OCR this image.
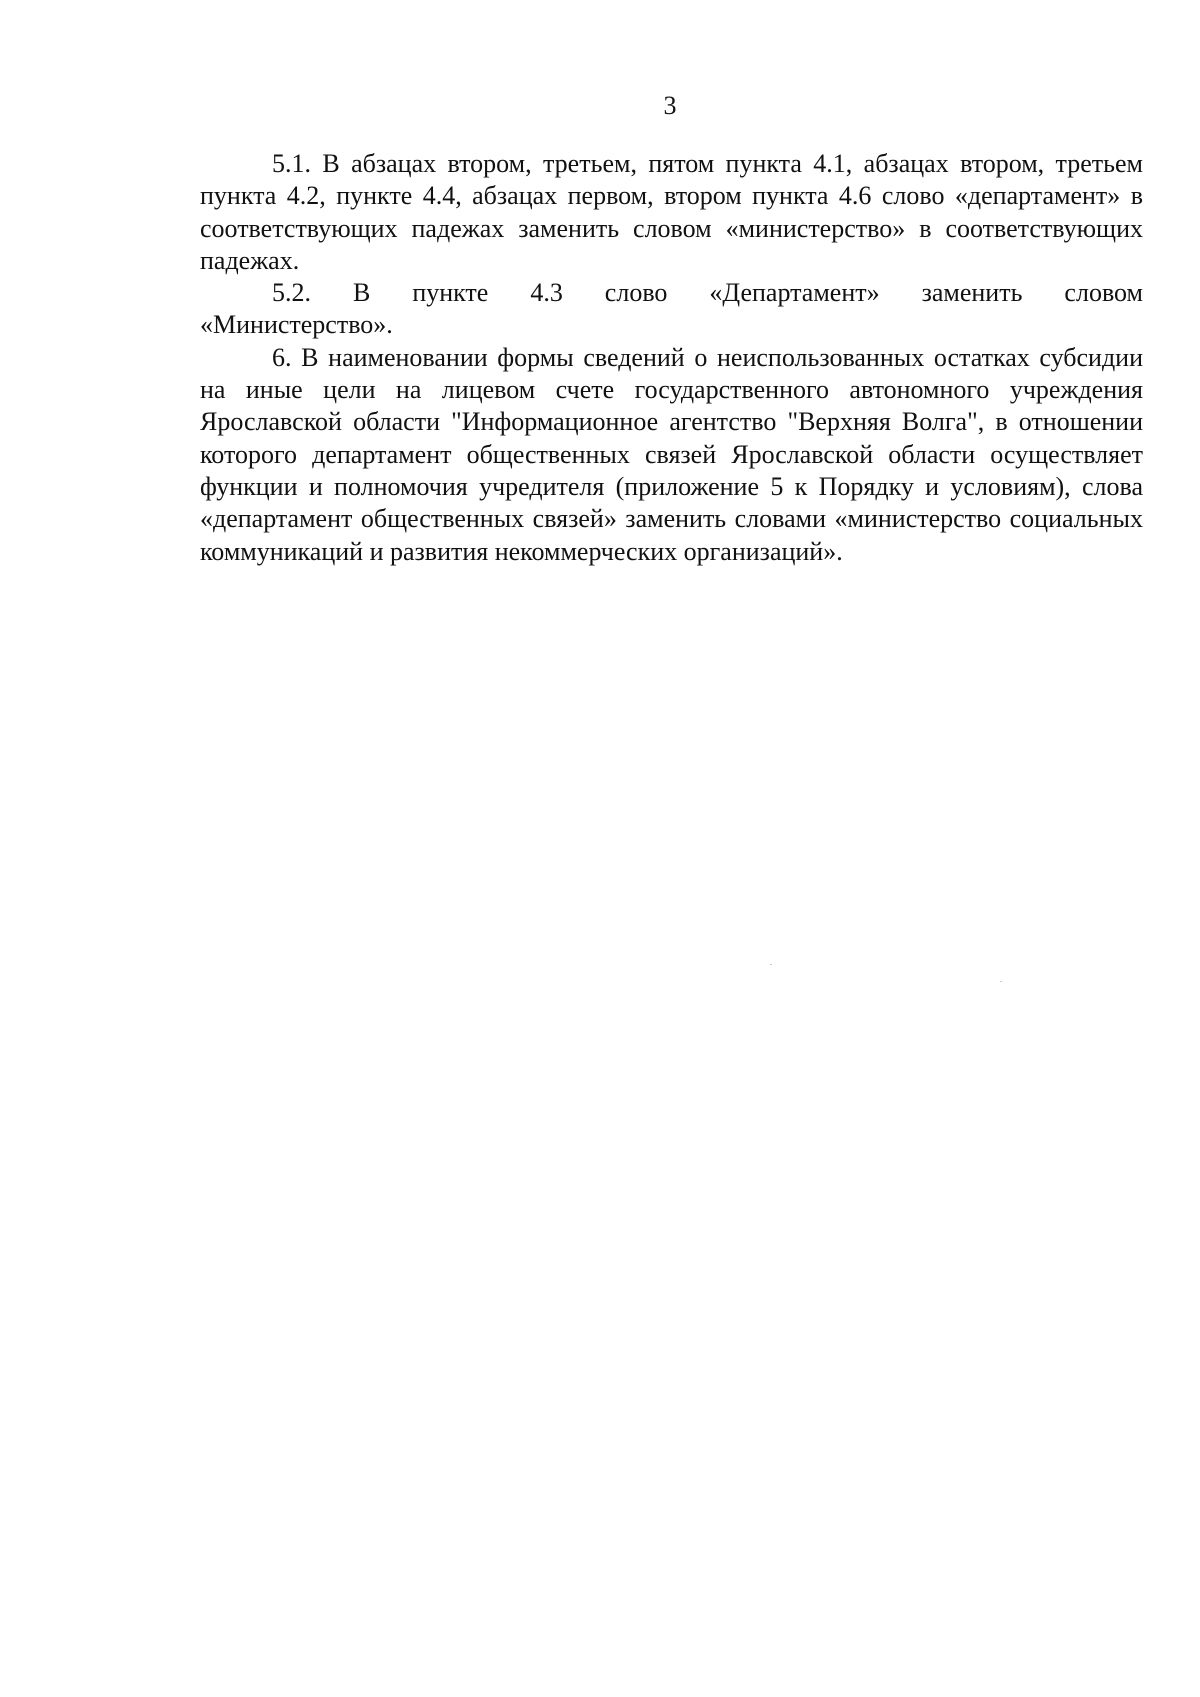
3

5.1. В абзацах втором, третьем, пятом пункта 4.1, абзацах втором, третьем пункта 4.2, пункте 4.4, абзацах первом, втором пункта 4.6 слово «департамент» в соответствующих падежах заменить словом «министерство» в соответствующих падежах.

5.2. В пункте 4.3 слово «Департамент» заменить словом
«Министерство».

6. В наименовании формы сведений о неиспользованных остатках субсидии на иные цели на лицевом счете государственного автономного учреждения Ярославской области "Информационное агентство "Верхняя Волга", в отношении которого департамент общественных связей Ярославской области осуществляет функции и полномочия учредителя (приложение 5 к Порядку и условиям), слова «департамент общественных связей» заменить словами «министерство социальных коммуникаций и развития некоммерческих организаций».
